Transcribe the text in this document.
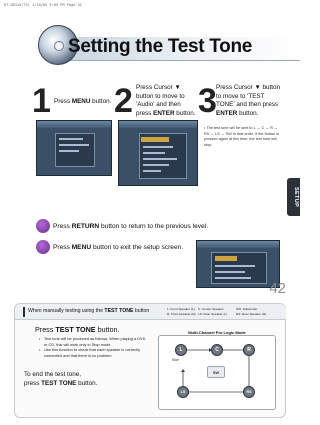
HT-DB120(TS) 1/10/05 9:09 PM Page 42
Setting the Test Tone
1 Press MENU button. 2 Press Cursor ▼
button to move to
'Audio' and then
press ENTER button. 3 Press Cursor ▼ button
to move to 'TEST
TONE' and then press
ENTER button.
• The test tone will be sent to L → C → R → RS → LS → SW in that order. If the button is pressed again at this time, the test tone will stop.
SETUP
Press RETURN button to return to the previous level.
Press MENU button to exit the setup screen.
42
When manually testing using the TEST TONE button	L: Front Speaker (L)	C: Center Speaker	SW: Subwoofer
R: Front Speaker (R) LS: Rear Speaker (L)	RS: Rear Speaker (R)
Press TEST TONE button.
• Test tone will be produced as follows: When playing a DVD or CD, this will work only in Stop mode.
• Use this function to check that each speaker is correctly connected and that there is no problem.
To end the test tone,
press TEST TONE button.
Multi-Channel Pro Logic Mode
L	C	R
LS	RS
SW
Start
